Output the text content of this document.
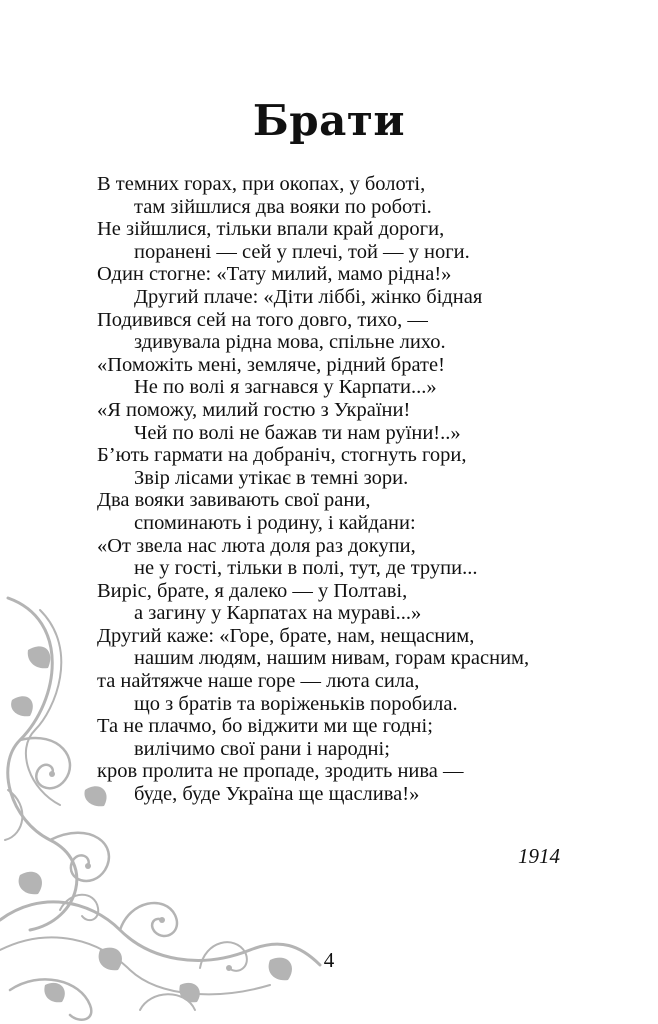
Брати
В темних горах, при окопах, у болоті,
там зійшлися два вояки по роботі.
Не зійшлися, тільки впали край дороги,
поранені — сей у плечі, той — у ноги.
Один стогне: «Тату милий, мамо рідна!»
Другий плаче: «Діти ліббі, жінко бідная
Подивився сей на того довго, тихо, —
здивувала рідна мова, спільне лихо.
«Поможіть мені, земляче, рідний брате!
Не по волі я загнався у Карпати...»
«Я поможу, милий гостю з України!
Чей по волі не бажав ти нам руїни!..»
Б’ють гармати на добраніч, стогнуть гори,
Звір лісами утікає в темні зори.
Два вояки завивають свої рани,
споминають і родину, і кайдани:
«От звела нас люта доля раз докупи,
не у гості, тільки в полі, тут, де трупи...
Виріс, брате, я далеко — у Полтаві,
а загину у Карпатах на мураві...»
Другий каже: «Горе, брате, нам, нещасним,
нашим людям, нашим нивам, горам красним,
та найтяжче наше горе — люта сила,
що з братів та воріженьків поробила.
Та не плачмо, бо віджити ми ще годні;
вилічимо свої рани і народні;
кров пролита не пропаде, зродить нива —
буде, буде Україна ще щаслива!»
1914
4
